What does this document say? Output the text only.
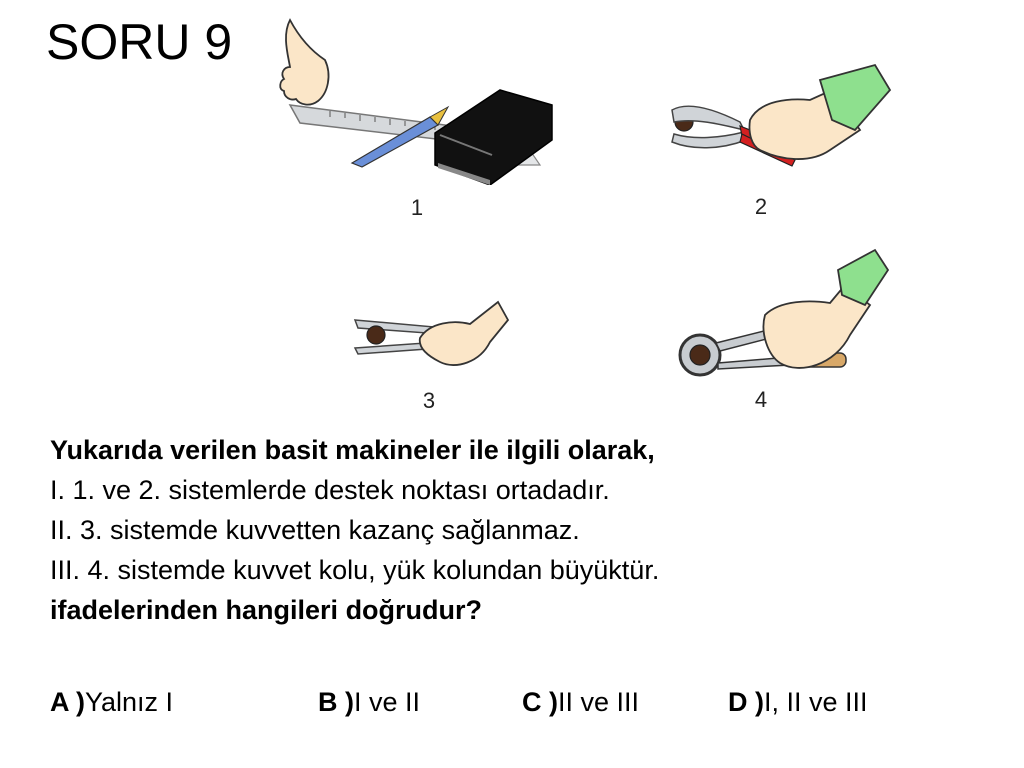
SORU 9
1	2
3	4
Yukarıda verilen basit makineler ile ilgili olarak,
I. 1. ve 2. sistemlerde destek noktası ortadadır.
II. 3. sistemde kuvvetten kazanç sağlanmaz.
III. 4. sistemde kuvvet kolu, yük kolundan büyüktür.
ifadelerinden hangileri doğrudur?
A )Yalnız I	B )I ve II	C )II ve III	D )I, II ve III
